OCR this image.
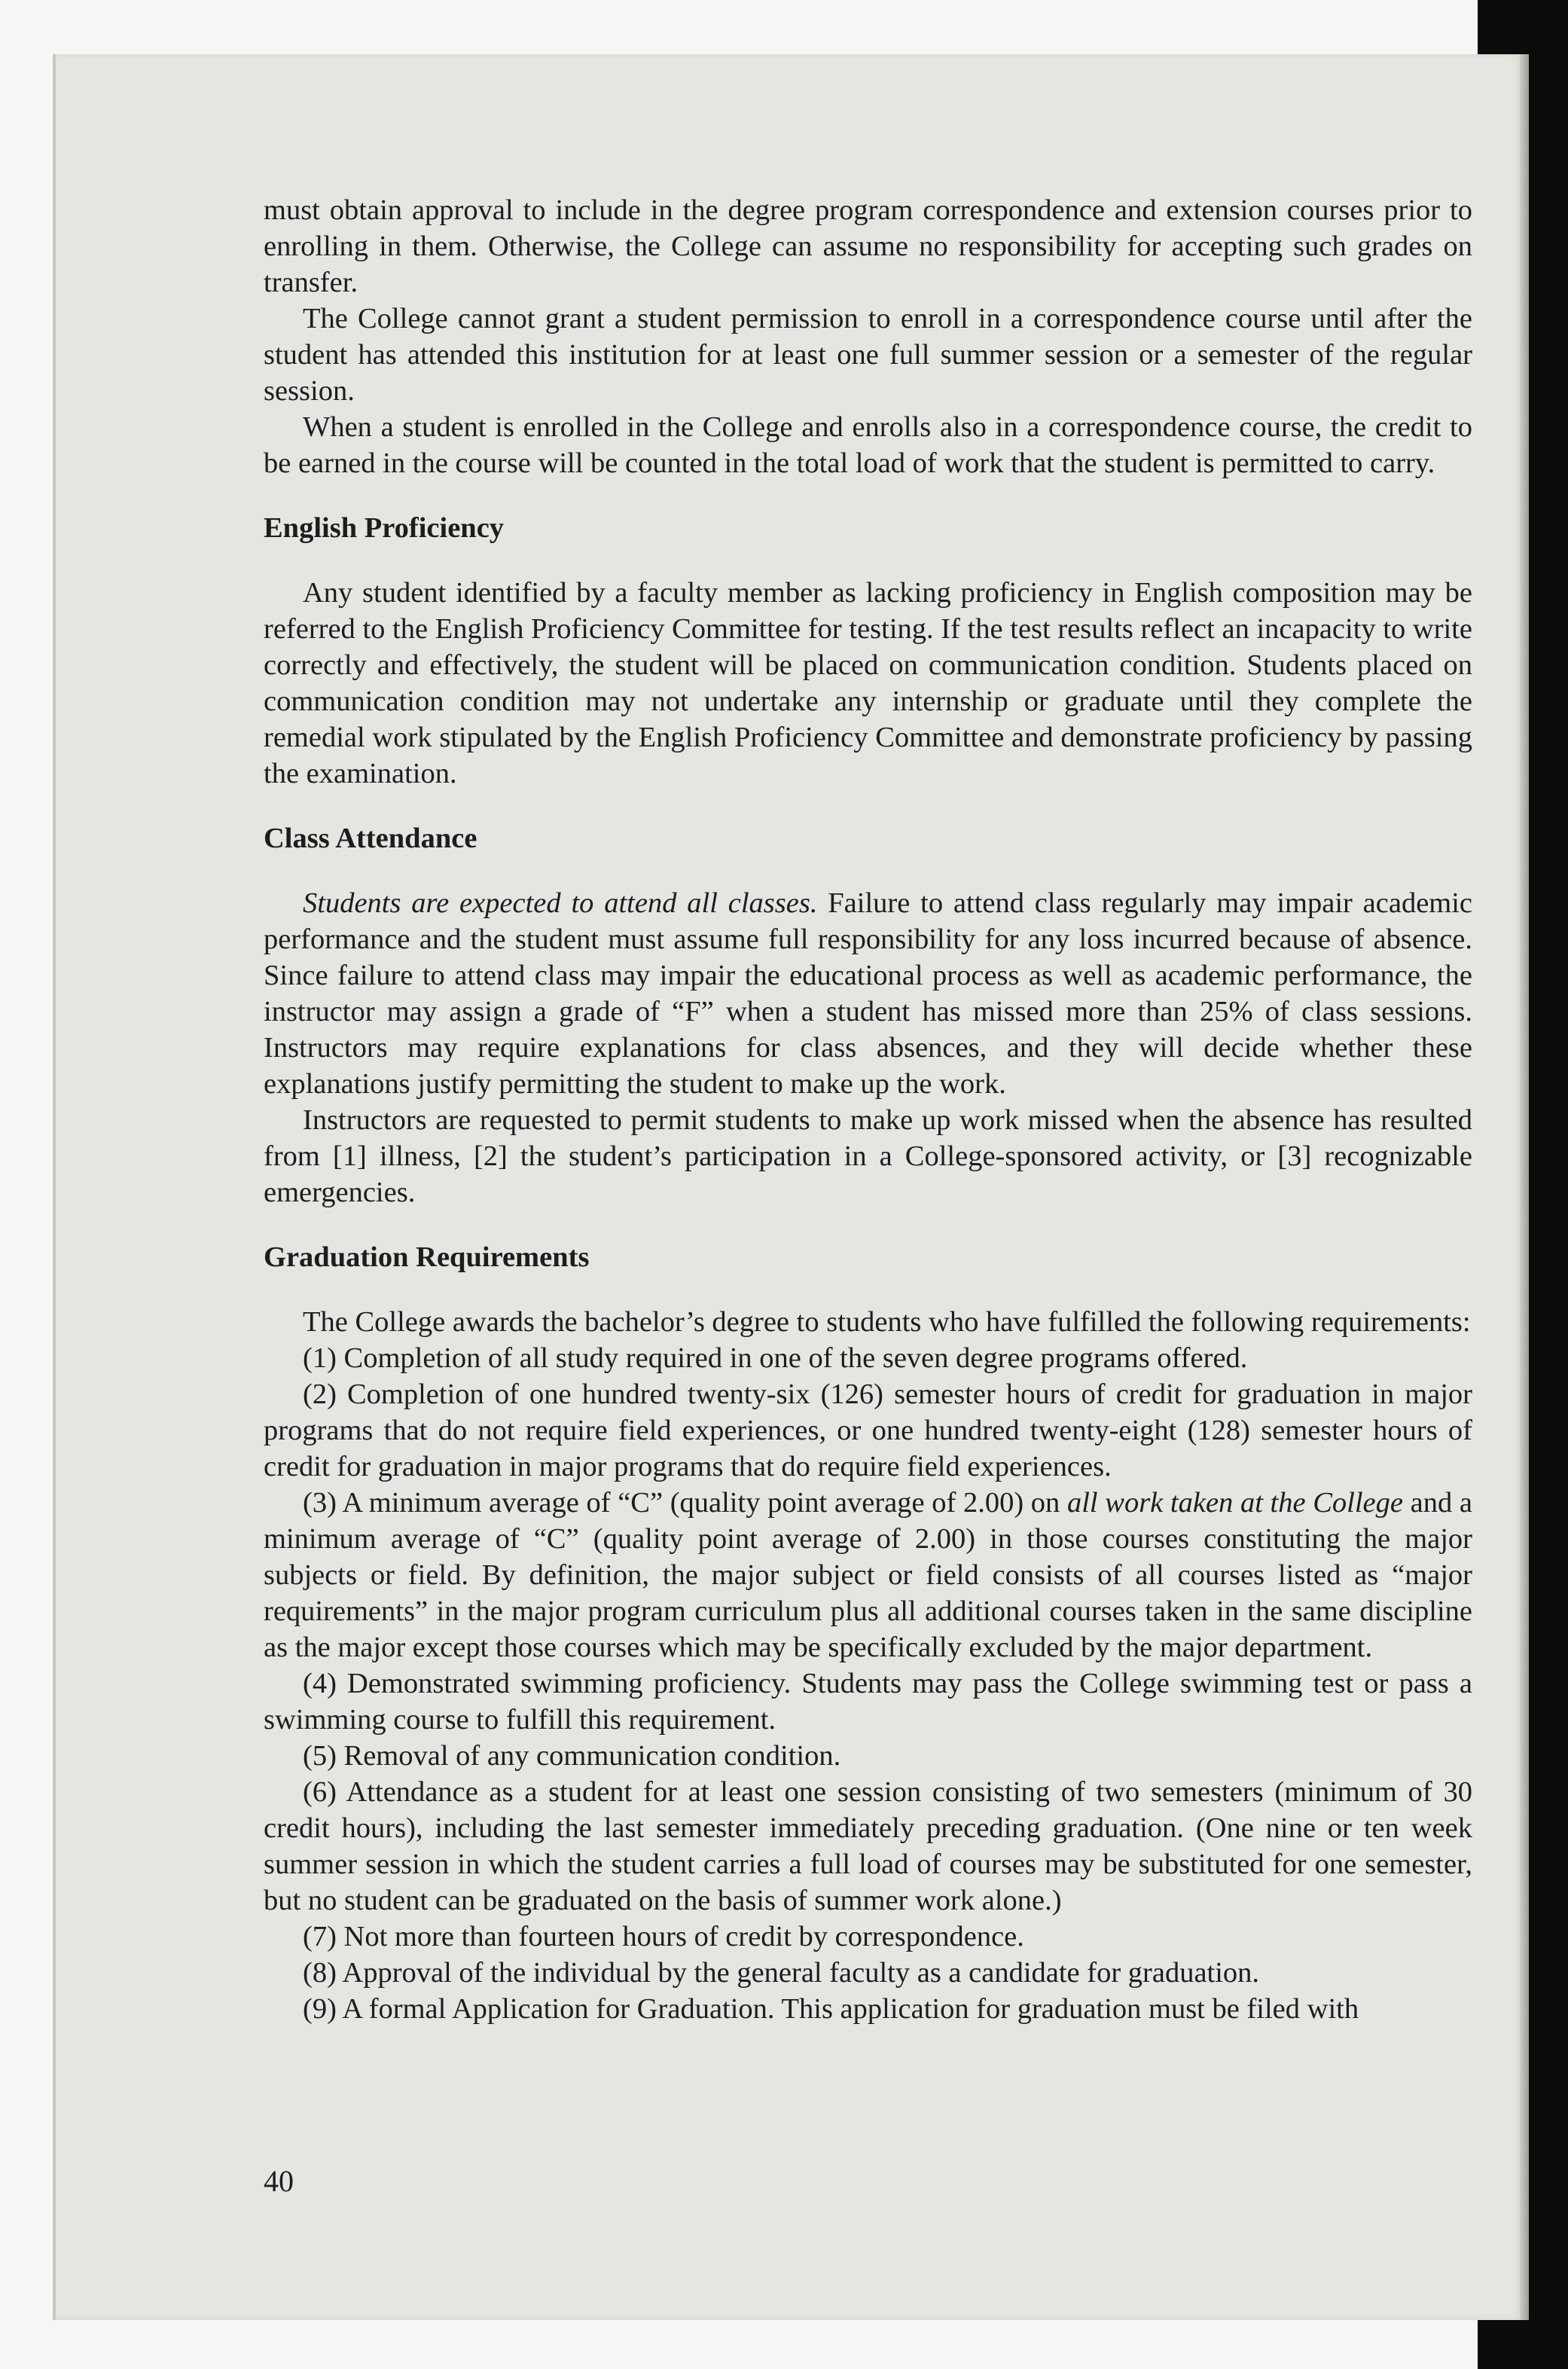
must obtain approval to include in the degree program correspondence and extension courses prior to enrolling in them. Otherwise, the College can assume no responsibility for accepting such grades on transfer.

The College cannot grant a student permission to enroll in a correspondence course until after the student has attended this institution for at least one full summer session or a semester of the regular session.

When a student is enrolled in the College and enrolls also in a correspondence course, the credit to be earned in the course will be counted in the total load of work that the student is permitted to carry.

English Proficiency

Any student identified by a faculty member as lacking proficiency in English composition may be referred to the English Proficiency Committee for testing. If the test results reflect an incapacity to write correctly and effectively, the student will be placed on communication condition. Students placed on communication condition may not undertake any internship or graduate until they complete the remedial work stipulated by the English Proficiency Committee and demonstrate proficiency by passing the examination.

Class Attendance

Students are expected to attend all classes. Failure to attend class regularly may impair academic performance and the student must assume full responsibility for any loss incurred because of absence. Since failure to attend class may impair the educational process as well as academic performance, the instructor may assign a grade of “F” when a student has missed more than 25% of class sessions. Instructors may require explanations for class absences, and they will decide whether these explanations justify permitting the student to make up the work.

Instructors are requested to permit students to make up work missed when the absence has resulted from [1] illness, [2] the student’s participation in a College-sponsored activity, or [3] recognizable emergencies.

Graduation Requirements

The College awards the bachelor’s degree to students who have fulfilled the following requirements:

(1) Completion of all study required in one of the seven degree programs offered.

(2) Completion of one hundred twenty-six (126) semester hours of credit for graduation in major programs that do not require field experiences, or one hundred twenty-eight (128) semester hours of credit for graduation in major programs that do require field experiences.

(3) A minimum average of “C” (quality point average of 2.00) on all work taken at the College and a minimum average of “C” (quality point average of 2.00) in those courses constituting the major subjects or field. By definition, the major subject or field consists of all courses listed as “major requirements” in the major program curriculum plus all additional courses taken in the same discipline as the major except those courses which may be specifically excluded by the major department.

(4) Demonstrated swimming proficiency. Students may pass the College swimming test or pass a swimming course to fulfill this requirement.

(5) Removal of any communication condition.

(6) Attendance as a student for at least one session consisting of two semesters (minimum of 30 credit hours), including the last semester immediately preceding graduation. (One nine or ten week summer session in which the student carries a full load of courses may be substituted for one semester, but no student can be graduated on the basis of summer work alone.)

(7) Not more than fourteen hours of credit by correspondence.

(8) Approval of the individual by the general faculty as a candidate for graduation.

(9) A formal Application for Graduation. This application for graduation must be filed with

40
